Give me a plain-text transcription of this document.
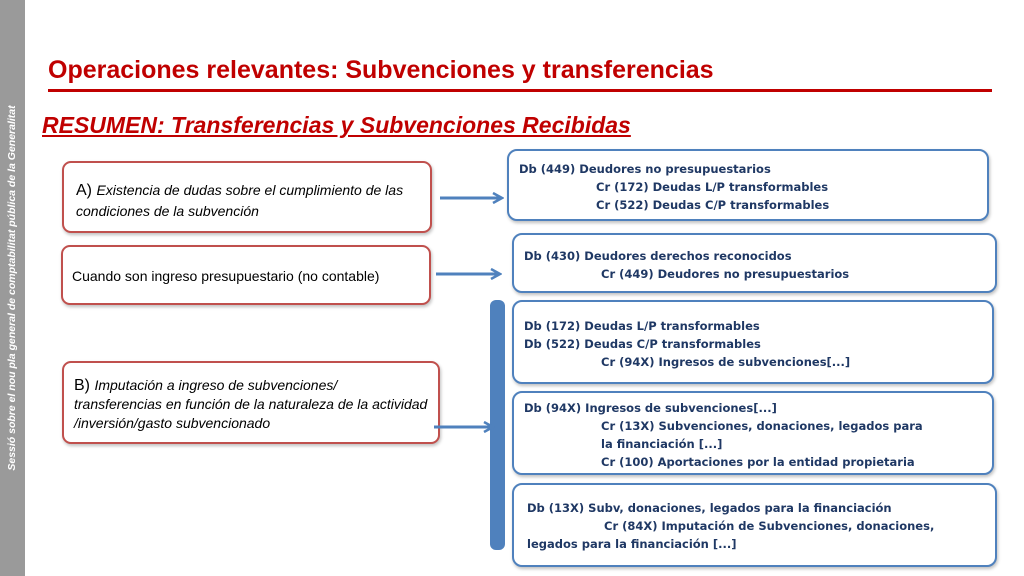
Sessió sobre el nou pla general de comptabilitat pública de la Generalitat
Operaciones relevantes: Subvenciones y transferencias
RESUMEN: Transferencias y Subvenciones Recibidas
A) Existencia de dudas sobre el cumplimiento de las condiciones de la subvención
Cuando son ingreso presupuestario (no contable)
B) Imputación a ingreso de subvenciones/ transferencias en función de la naturaleza de la actividad /inversión/gasto subvencionado
Db (449) Deudores no presupuestarios
Cr (172) Deudas L/P transformables
Cr (522) Deudas C/P transformables
Db (430) Deudores derechos reconocidos
Cr (449) Deudores no presupuestarios
Db (172) Deudas L/P transformables
Db (522) Deudas C/P transformables
Cr (94X) Ingresos de subvenciones[...]
Db (94X) Ingresos de subvenciones[...]
Cr (13X) Subvenciones, donaciones, legados para la financiación [...]
Cr (100) Aportaciones por la entidad propietaria
Db (13X) Subv, donaciones, legados para la financiación
Cr (84X) Imputación de Subvenciones, donaciones, legados para la financiación [...]
